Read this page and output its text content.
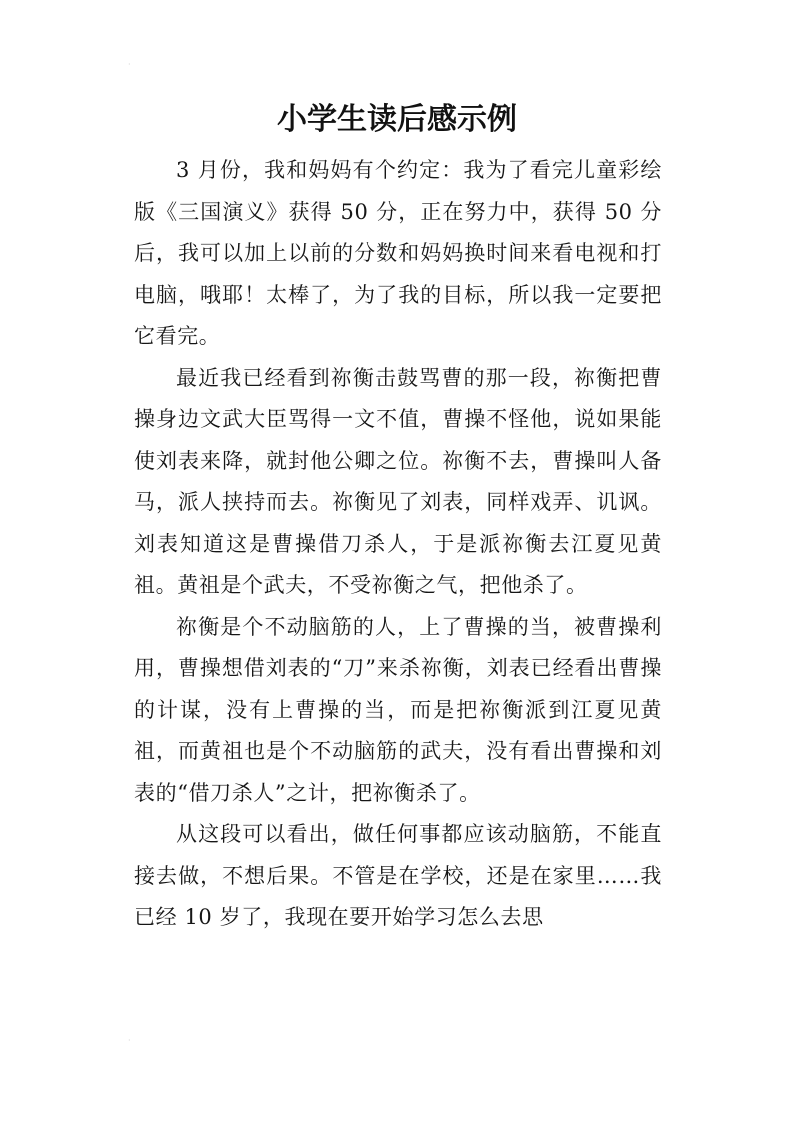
·
小学生读后感示例

3 月份，我和妈妈有个约定：我为了看完儿童彩绘版《三国演义》获得 50 分，正在努力中，获得 50 分后，我可以加上以前的分数和妈妈换时间来看电视和打电脑，哦耶！太棒了，为了我的目标，所以我一定要把它看完。

最近我已经看到祢衡击鼓骂曹的那一段，祢衡把曹操身边文武大臣骂得一文不值，曹操不怪他，说如果能使刘表来降，就封他公卿之位。祢衡不去，曹操叫人备马，派人挟持而去。祢衡见了刘表，同样戏弄、讥讽。刘表知道这是曹操借刀杀人，于是派祢衡去江夏见黄祖。黄祖是个武夫，不受祢衡之气，把他杀了。

祢衡是个不动脑筋的人，上了曹操的当，被曹操利用，曹操想借刘表的“刀”来杀祢衡，刘表已经看出曹操的计谋，没有上曹操的当，而是把祢衡派到江夏见黄祖，而黄祖也是个不动脑筋的武夫，没有看出曹操和刘表的“借刀杀人”之计，把祢衡杀了。

从这段可以看出，做任何事都应该动脑筋，不能直接去做，不想后果。不管是在学校，还是在家里……我已经 10 岁了，我现在要开始学习怎么去思

·
